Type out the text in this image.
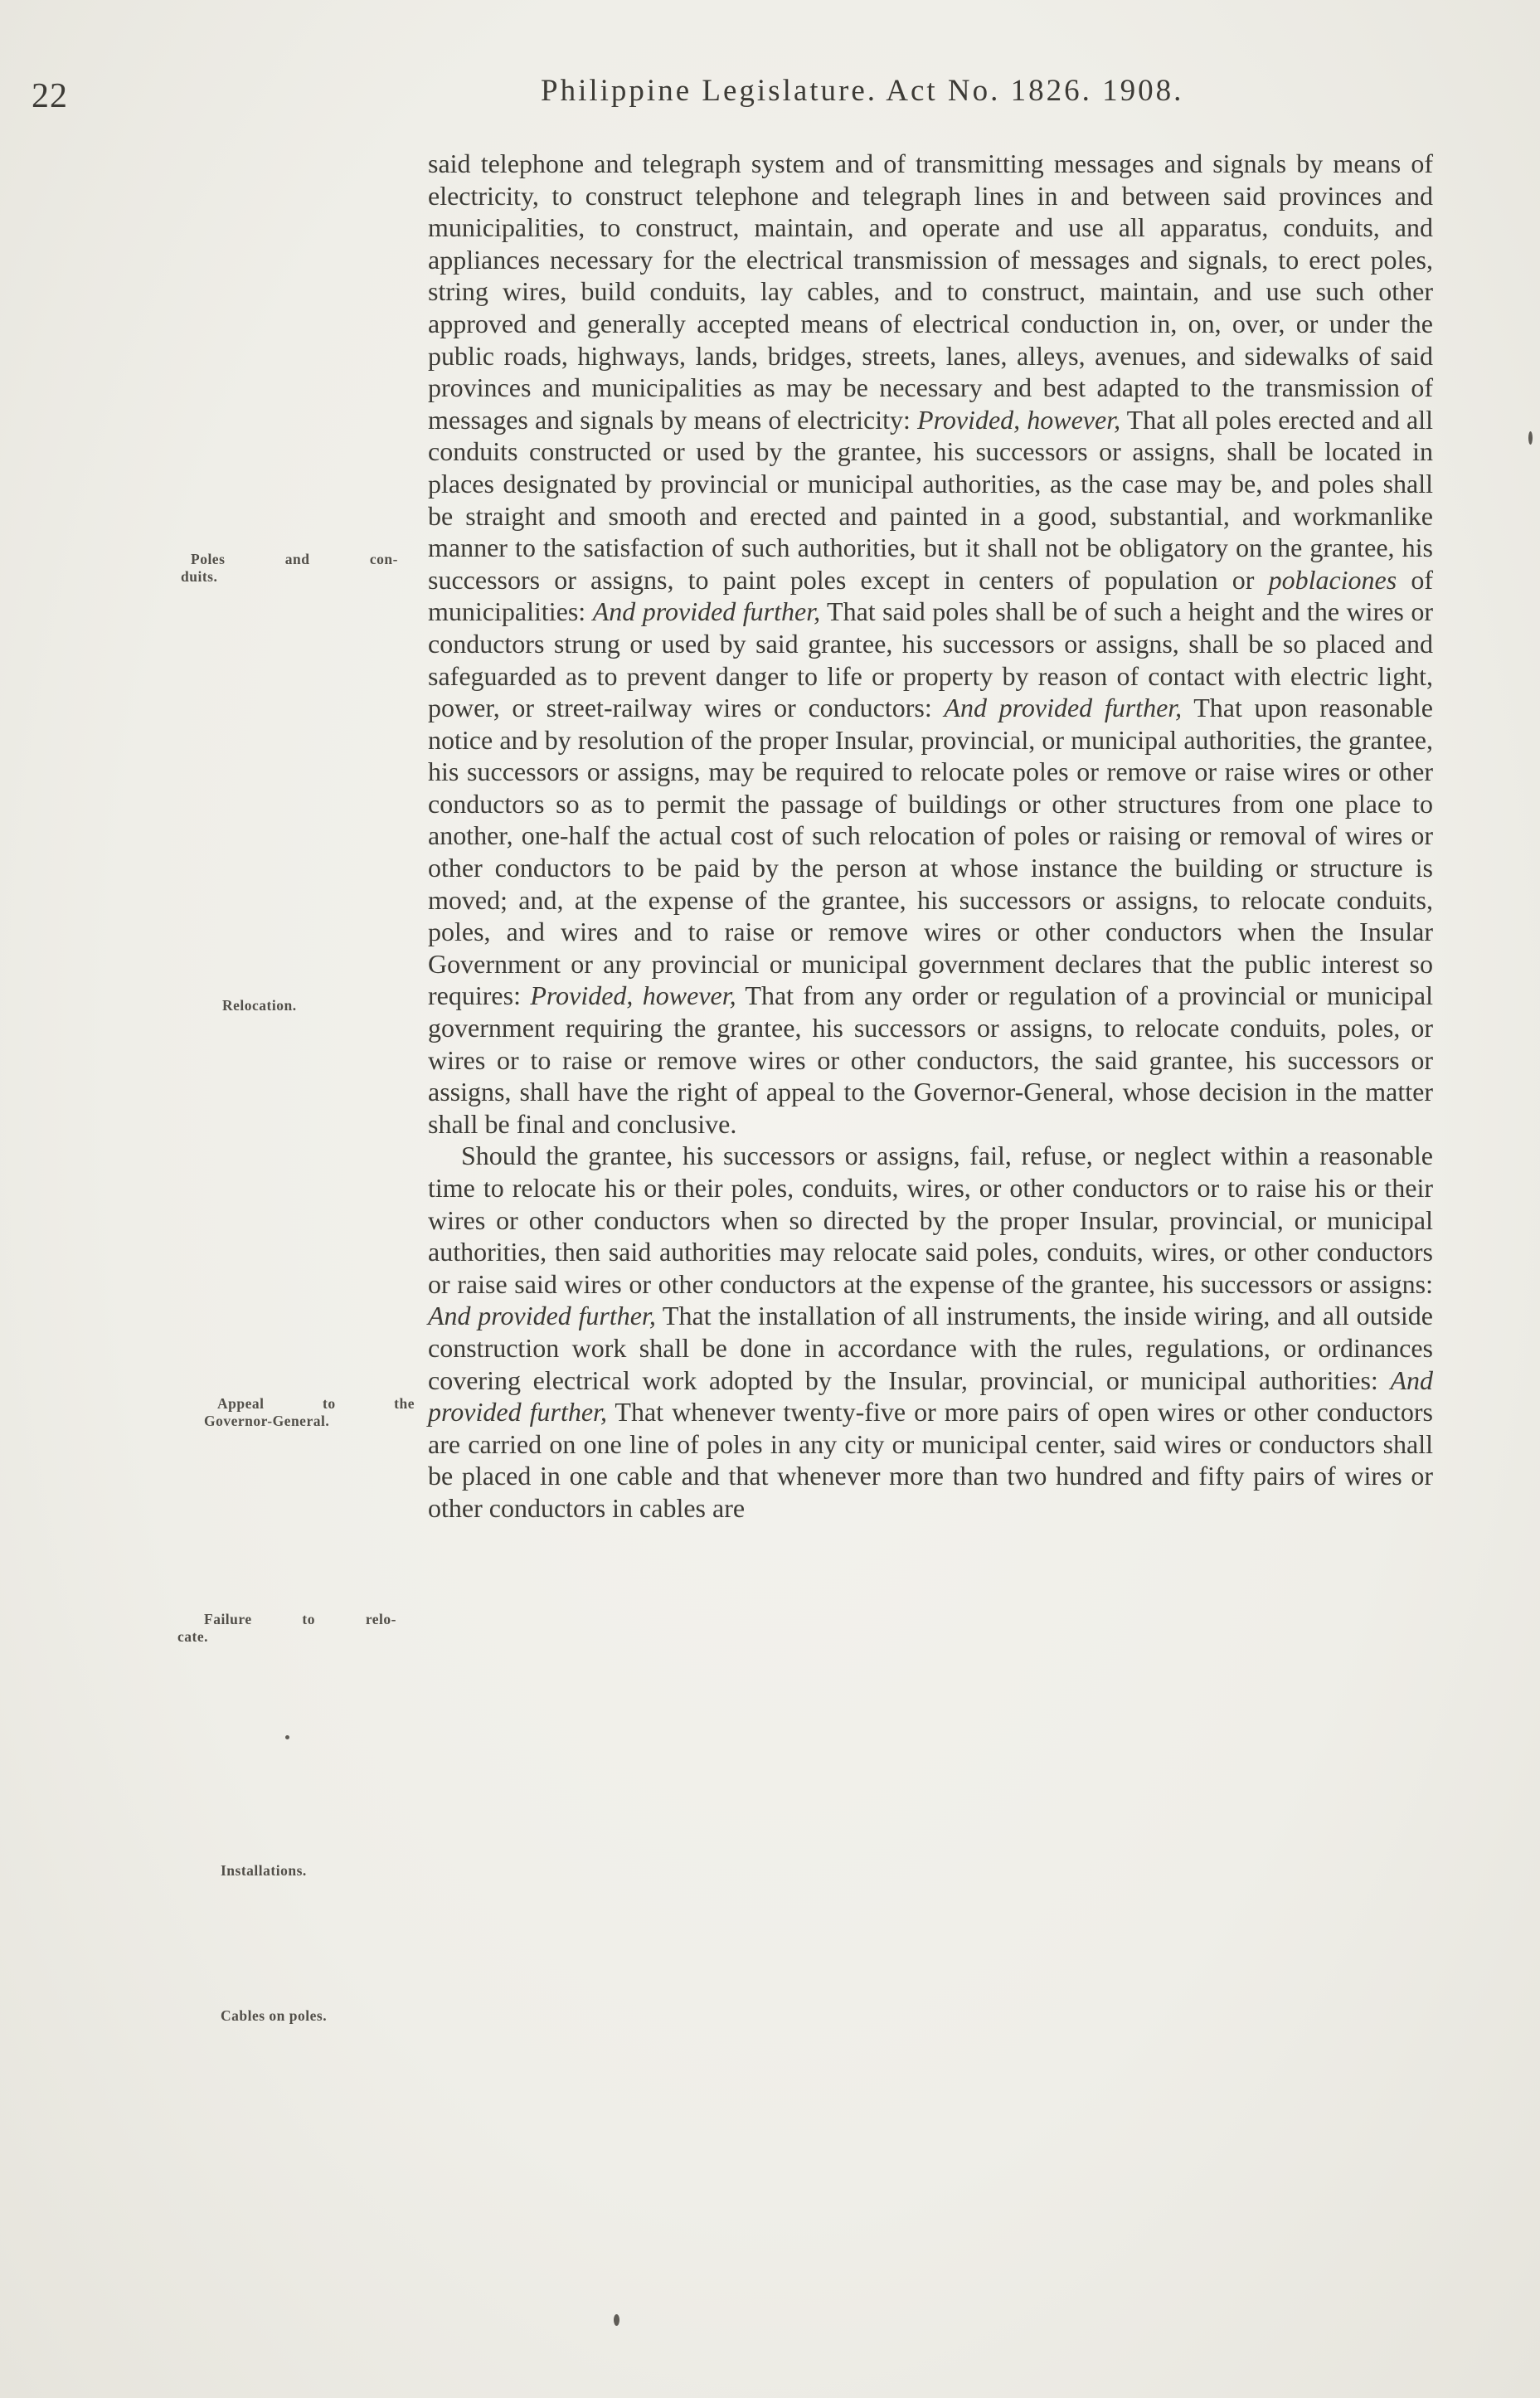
22	Philippine Legislature. Act No. 1826. 1908.
Poles and con-
duits.
Relocation.
Appeal to the
Governor-General.
Failure to relo-
cate.
Installations.
Cables on poles.

said telephone and telegraph system and of transmitting messages and signals by means of electricity, to construct telephone and telegraph lines in and between said provinces and municipalities, to construct, maintain, and operate and use all apparatus, conduits, and appliances necessary for the electrical transmission of messages and signals, to erect poles, string wires, build conduits, lay cables, and to construct, maintain, and use such other approved and generally accepted means of electrical conduction in, on, over, or under the public roads, highways, lands, bridges, streets, lanes, alleys, avenues, and sidewalks of said provinces and municipalities as may be necessary and best adapted to the transmission of messages and signals by means of electricity: Provided, however, That all poles erected and all conduits constructed or used by the grantee, his successors or assigns, shall be located in places designated by provincial or municipal authorities, as the case may be, and poles shall be straight and smooth and erected and painted in a good, substantial, and workmanlike manner to the satisfaction of such authorities, but it shall not be obligatory on the grantee, his successors or assigns, to paint poles except in centers of population or poblaciones of municipalities: And provided further, That said poles shall be of such a height and the wires or conductors strung or used by said grantee, his successors or assigns, shall be so placed and safeguarded as to prevent danger to life or property by reason of contact with electric light, power, or street-railway wires or conductors: And provided further, That upon reasonable notice and by resolution of the proper Insular, provincial, or municipal authorities, the grantee, his successors or assigns, may be required to relocate poles or remove or raise wires or other conductors so as to permit the passage of buildings or other structures from one place to another, one-half the actual cost of such relocation of poles or raising or removal of wires or other conductors to be paid by the person at whose instance the building or structure is moved; and, at the expense of the grantee, his successors or assigns, to relocate conduits, poles, and wires and to raise or remove wires or other conductors when the Insular Government or any provincial or municipal government declares that the public interest so requires: Provided, however, That from any order or regulation of a provincial or municipal government requiring the grantee, his successors or assigns, to relocate conduits, poles, or wires or to raise or remove wires or other conductors, the said grantee, his successors or assigns, shall have the right of appeal to the Governor-General, whose decision in the matter shall be final and conclusive.

Should the grantee, his successors or assigns, fail, refuse, or neglect within a reasonable time to relocate his or their poles, conduits, wires, or other conductors or to raise his or their wires or other conductors when so directed by the proper Insular, provincial, or municipal authorities, then said authorities may relocate said poles, conduits, wires, or other conductors or raise said wires or other conductors at the expense of the grantee, his successors or assigns: And provided further, That the installation of all instruments, the inside wiring, and all outside construction work shall be done in accordance with the rules, regulations, or ordinances covering electrical work adopted by the Insular, provincial, or municipal authorities: And provided further, That whenever twenty-five or more pairs of open wires or other conductors are carried on one line of poles in any city or municipal center, said wires or conductors shall be placed in one cable and that whenever more than two hundred and fifty pairs of wires or other conductors in cables are
